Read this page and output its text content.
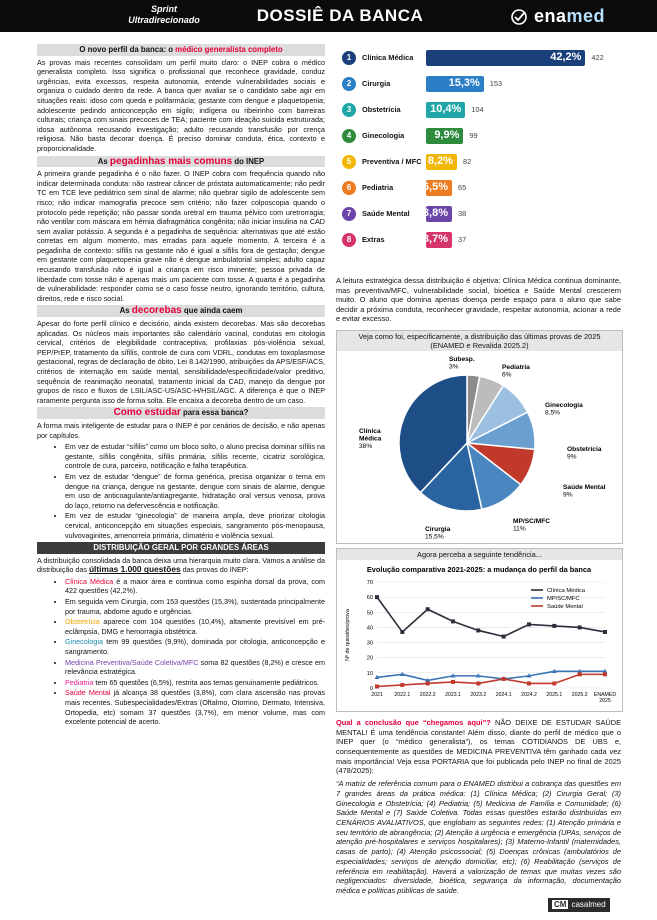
Sprint
Ultradirecionado	DOSSIÊ DA BANCA	enamed
O novo perfil da banca: o médico generalista completo

As provas mais recentes consolidam um perfil muito claro: o INEP cobra o médico generalista completo. Isso significa o profissional que reconhece gravidade, conduz urgências, evita excessos, respeita autonomia, entende vulnerabilidades sociais e organiza o cuidado dentro da rede. A banca quer avaliar se o candidato sabe agir em situações reais: idoso com queda e polifarmácia; gestante com dengue e plaquetopenia; adolescente pedindo anticoncepção em sigilo; indígena ou ribeirinho com barreiras culturais; criança com sinais precoces de TEA; paciente com ideação suicida estruturada; idosa autônoma recusando investigação; adulto recusando transfusão por crença religiosa. Não basta decorar doença. É preciso dominar conduta, ética, contexto e proporcionalidade.

As pegadinhas mais comuns do INEP

A primeira grande pegadinha é o não fazer. O INEP cobra com frequência quando não indicar determinada conduta: não rastrear câncer de próstata automaticamente; não pedir TC em TCE leve pediátrico sem sinal de alarme; não quebrar sigilo de adolescente sem risco; não indicar mamografia precoce sem critério; não fazer colposcopia quando o protocolo pede repetição; não passar sonda uretral em trauma pélvico com uretrorragia; não ventilar com máscara em hérnia diafragmática congênita; não iniciar insulina na CAD sem avaliar potássio. A segunda é a pegadinha de sequência: alternativas que até estão corretas em algum momento, mas erradas para aquele momento. A terceira é a pegadinha de contexto: sífilis na gestante não é igual a sífilis fora de gestação; dengue em gestante com plaquetopenia grave não é dengue ambulatorial simples; adulto capaz recusando transfusão não é igual a criança em risco iminente; pessoa privada de liberdade com tosse não é apenas mais um paciente com tosse. A quarta é a pegadinha de vulnerabilidade: responder como se o caso fosse neutro, ignorando território, cultura, direitos, rede e risco social.

As decorebas que ainda caem

Apesar do forte perfil clínico e decisório, ainda existem decorebas. Mas são decorebas aplicadas. Os núcleos mais importantes são calendário vacinal, condutas em citologia cervical, critérios de elegibilidade contraceptiva, profilaxias pós-violência sexual, PEP/PrEP, tratamento da sífilis, controle de cura com VDRL, condutas em toxoplasmose gestacional, regras de declaração de óbito, Lei 8.142/1990, atribuições da APS/ESF/ACS, critérios de internação em saúde mental, sensibilidade/especificidade/valor preditivo, sequência de reanimação neonatal, tratamento inicial da CAD, manejo da dengue por grupos de risco e fluxos de LSIL/ASC-US/ASC-H/HSIL/AGC. A diferença é que o INEP raramente pergunta isso de forma solta. Ele encaixa a decoreba dentro de um caso.

Como estudar para essa banca?

A forma mais inteligente de estudar para o INEP é por cenários de decisão, e não apenas por capítulos.

• Em vez de estudar “sífilis” como um bloco solto, o aluno precisa dominar sífilis na gestante, sífilis congênita, sífilis primária, sífilis recente, cicatriz sorológica, controle de cura, parceiro, notificação e falha terapêutica.
• Em vez de estudar “dengue” de forma genérica, precisa organizar o tema em dengue na criança, dengue na gestante, dengue com sinais de alarme, dengue em uso de anticoagulante/antiagregante, hidratação oral versus venosa, prova do laço, retorno na defervescência e notificação.
• Em vez de estudar “ginecologia” de maneira ampla, deve priorizar citologia cervical, anticoncepção em situações especiais, sangramento pós-menopausa, vulvovaginites, amenorreia primária, climatério e violência sexual.
DISTRIBUIÇÃO GERAL POR GRANDES ÁREAS

A distribuição consolidada da banca deixa uma hierarquia muito clara. Vamos a análise da distribuição das últimas 1.000 questões das provas do INEP:

• Clínica Médica é a maior área e continua como espinha dorsal da prova, com 422 questões (42,2%).
• Em seguida vem Cirurgia, com 153 questões (15,3%), sustentada principalmente por trauma, abdome agudo e urgências.
• Obstetrícia aparece com 104 questões (10,4%), altamente previsível em pré-eclâmpsia, DMG e hemorragia obstétrica.
• Ginecologia tem 99 questões (9,9%), dominada por citologia, anticoncepção e sangramento.
• Medicina Preventiva/Saúde Coletiva/MFC soma 82 questões (8,2%) e cresce em relevância estratégica.
• Pediatria tem 65 questões (6,5%), restrita aos temas genuinamente pediátricos.
• Saúde Mental já alcança 38 questões (3,8%), com clara ascensão nas provas mais recentes. Subespecialidades/Extras (Oftalmo, Otorrino, Dermato, Intensiva, Ortopedia, etc) somam 37 questões (3,7%), em menor volume, mas com excelente potencial de acerto.
1	Clínica Médica	42,2% 422
2	Cirurgia	15,3% 153
3	Obstetrícia	10,4% 104
4	Ginecologia	9,9% 99
5	Preventiva / MFC 8,2% 82
6	Pediatria	6,5% 65
7	Saúde Mental 3,8% 38
8	Extras	3,7% 37

A leitura estratégica dessa distribuição é objetiva: Clínica Médica continua dominante, mas preventiva/MFC, vulnerabilidade social, bioética e Saúde Mental crescerem muito. O aluno que domina apenas doença perde espaço para o aluno que sabe decidir a próxima conduta, reconhecer gravidade, respeitar autonomia, acionar a rede e evitar excesso.

Veja como foi, especificamente, a distribuição das últimas provas de 2025 (ENAMED e Revalida 2025.2)
Subesp. 3%	Pediatria 6%
Ginecologia 8,5%
Obstetrícia 9%
Saúde Mental 9%
MP/SC/MFC 11%
Cirurgia 15,5%
Clínica Médica 38%
Agora perceba a seguinte tendência...
Evolução comparativa 2021-2025: a mudança do perfil da banca
0
10
20
30
40
50
60
70
2021 2022.1 2022.2 2023.1 2023.2 2024.1 2024.2 2025.1 2025.2 ENAMED 2025
Nº de questões/prova
Clínica Médica
MP/SC/MFC
Saúde Mental
Qual a conclusão que “chegamos aqui”? NÃO DEIXE DE ESTUDAR SAÚDE MENTAL! É uma tendência constante! Além disso, diante do perfil de médico que o INEP quer (o “médico generalista”), os temas COTIDIANOS DE UBS e, consequentemente as questões de MEDICINA PREVENTIVA têm ganhado cada vez mais importância! Veja essa PORTARIA que foi publicada pelo INEP no final de 2025 (478/2025):
“A matriz de referência comum para o ENAMED distribui a cobrança das questões em 7 grandes áreas da prática médica: (1) Clínica Médica; (2) Cirurgia Geral; (3) Ginecologia e Obstetrícia; (4) Pediatria; (5) Medicina de Família e Comunidade; (6) Saúde Mental e (7) Saúde Coletiva. Todas essas questões estarão distribuídas em CENÁRIOS AVALIATIVOS, que englobam as seguintes redes: (1) Atenção primária e seu território de abrangência; (2) Atenção à urgência e emergência (UPAs, serviços de atenção pré-hospitalares e serviços hospitalares); (3) Materno-Infantil (maternidades, casas de parto); (4) Atenção psicossocial; (5) Doenças crônicas (ambulatórios de especialidades; serviços de atenção domiciliar, etc); (6) Reabilitação (serviços de referência em reabilitação). Haverá a valorização de temas que muitas vezes são negligenciados: diversidade, bioética, segurança da informação, documentação médica e políticas públicas de saúde.
CM casalmed
